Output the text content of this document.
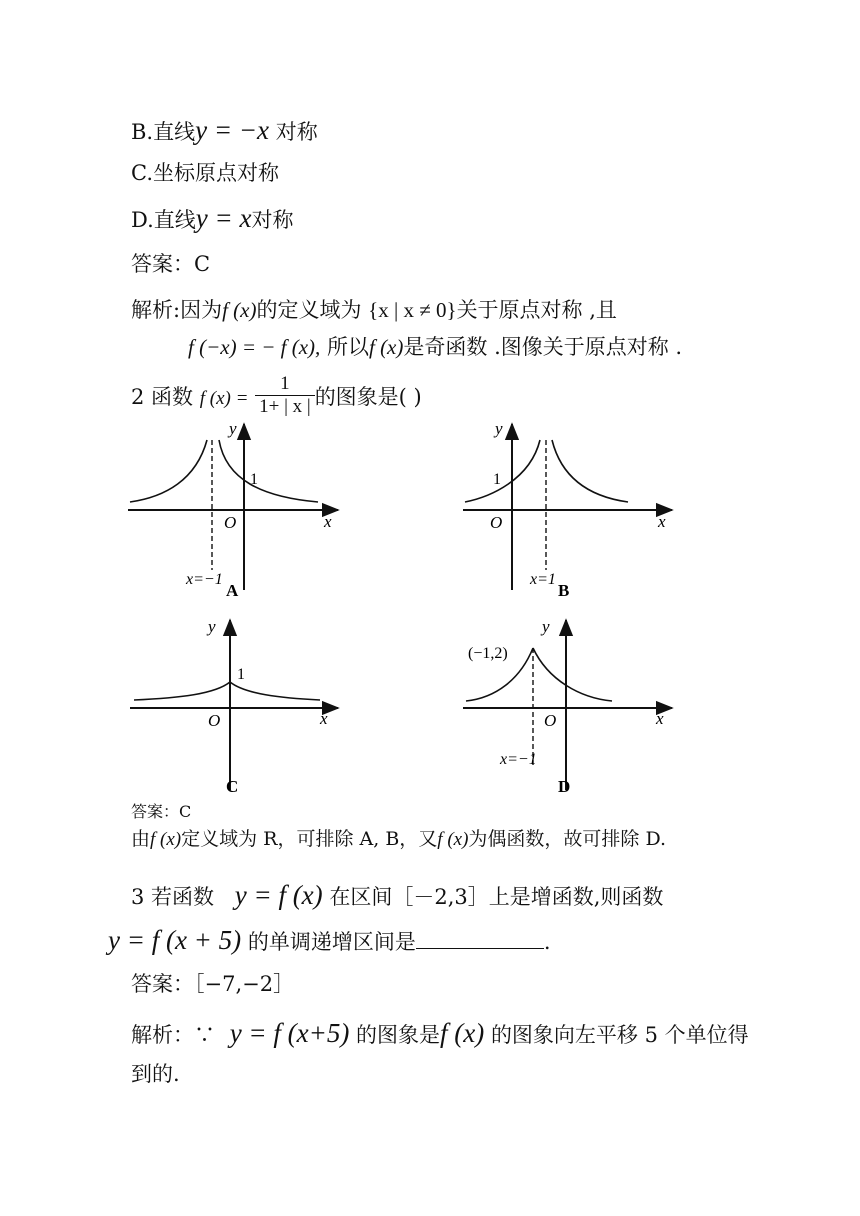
B.直线y = −x 对称
C.坐标原点对称
D.直线y = x对称
答案：C
解析:因为f (x)的定义域为 {x | x ≠ 0}关于原点对称 ,且
f (−x) = − f (x), 所以f (x)是奇函数 .图像关于原点对称 .
2 函数 f $(x) = \frac{1}{1+ | x |}$ 的图象是( )
y
1
O	x
x=−1
A
y
1
O	x
x=1
B
y
1
O	x
C
y
(−1,2)
O	x
x=−1
D
答案：C
由f (x)定义域为 R，可排除 A, B，又f (x)为偶函数，故可排除 D.
3 若函数 y = f (x) 在区间［－2,3］上是增函数,则函数
y = f (x + 5) 的单调递增区间是	.
答案：［−7,−2］
解析：∵ y = f (x+5) 的图象是f (x) 的图象向左平移 5 个单位得
到的.
